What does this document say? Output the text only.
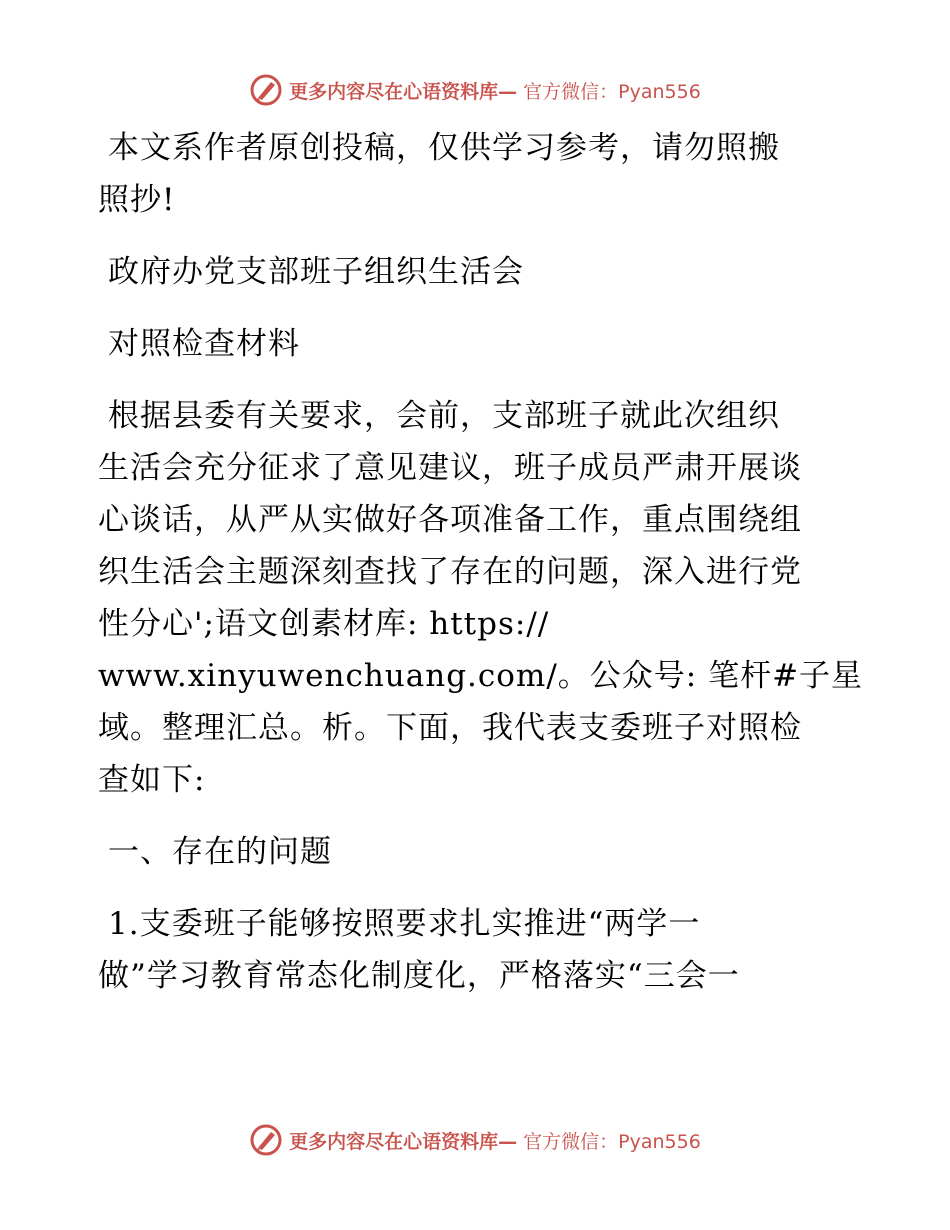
更多内容尽在心语资料库— 官方微信：Pyan556

本文系作者原创投稿，仅供学习参考，请勿照搬
照抄!

政府办党支部班子组织生活会

对照检查材料

根据县委有关要求，会前，支部班子就此次组织
生活会充分征求了意见建议，班子成员严肃开展谈
心谈话，从严从实做好各项准备工作，重点围绕组
织生活会主题深刻查找了存在的问题，深入进行党
性分心';语文创素材库: https://
www.xinyuwenchuang.com/。公众号: 笔杆#子星
域。整理汇总。析。下面，我代表支委班子对照检
查如下:

一、存在的问题

1.支委班子能够按照要求扎实推进“两学一
做”学习教育常态化制度化，严格落实“三会一

更多内容尽在心语资料库— 官方微信：Pyan556
